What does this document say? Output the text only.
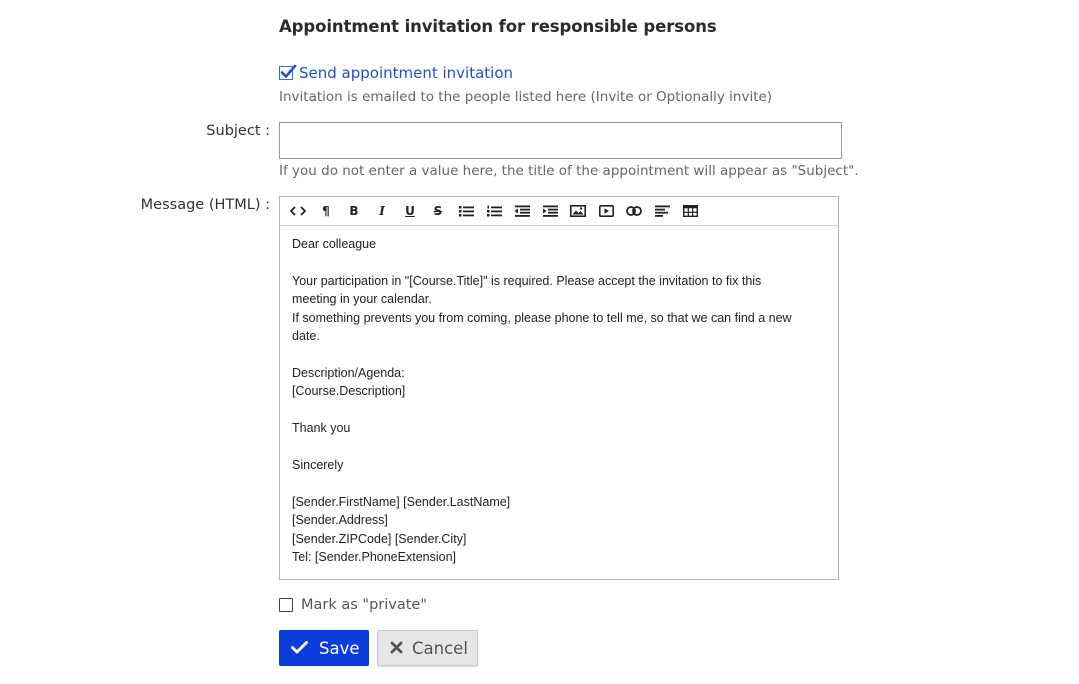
Appointment invitation for responsible persons
Send appointment invitation
Invitation is emailed to the people listed here (Invite or Optionally invite)
Subject :
If you do not enter a value here, the title of the appointment will appear as "Subject".
Message (HTML) :	¶	B	I	U	S
Dear colleague

Your participation in "[Course.Title]" is required. Please accept the invitation to fix this
meeting in your calendar.
If something prevents you from coming, please phone to tell me, so that we can find a new
date.

Description/Agenda:
[Course.Description]

Thank you

Sincerely

[Sender.FirstName] [Sender.LastName]
[Sender.Address]
[Sender.ZIPCode] [Sender.City]
Tel: [Sender.PhoneExtension]
Mark as "private"
Save	Cancel
